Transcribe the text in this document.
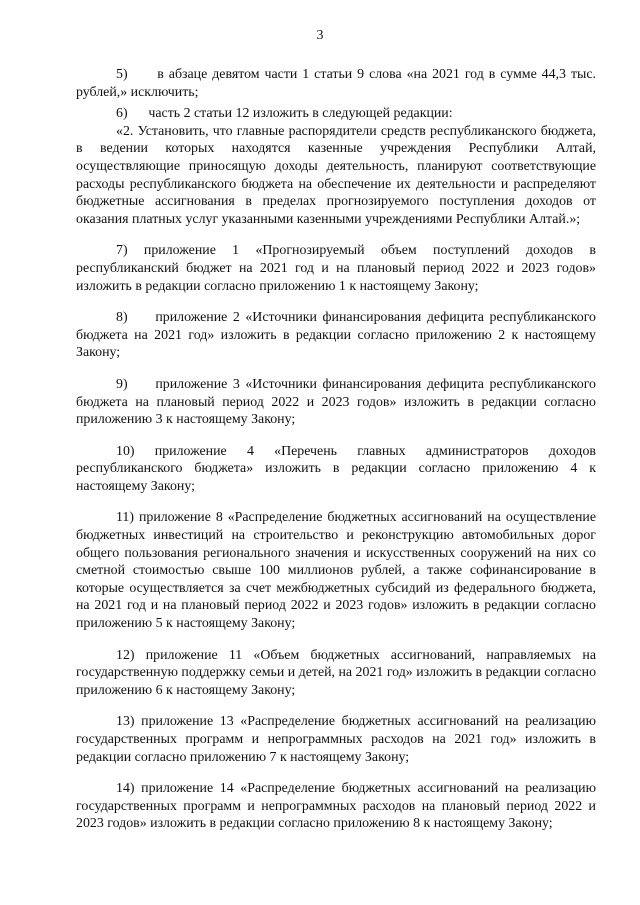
3

5)      в абзаце девятом части 1 статьи 9 слова «на 2021 год в сумме 44,3 тыс. рублей,» исключить;

6)      часть 2 статьи 12 изложить в следующей редакции:

«2. Установить, что главные распорядители средств республиканского бюджета, в ведении которых находятся казенные учреждения Республики Алтай, осуществляющие приносящую доходы деятельность, планируют соответствующие расходы республиканского бюджета на обеспечение их деятельности и распределяют бюджетные ассигнования в пределах прогнозируемого поступления доходов от оказания платных услуг указанными казенными учреждениями Республики Алтай.»;

7) приложение 1 «Прогнозируемый объем поступлений доходов в республиканский бюджет на 2021 год и на плановый период 2022 и 2023 годов» изложить в редакции согласно приложению 1 к настоящему Закону;

8)     приложение 2 «Источники финансирования дефицита республиканского бюджета на 2021 год» изложить в редакции согласно приложению 2 к настоящему Закону;

9)     приложение 3 «Источники финансирования дефицита республиканского бюджета на плановый период 2022 и 2023 годов» изложить в редакции согласно приложению 3 к настоящему Закону;

10) приложение 4 «Перечень главных администраторов доходов республиканского бюджета» изложить в редакции согласно приложению 4 к настоящему Закону;

11) приложение 8 «Распределение бюджетных ассигнований на осуществление бюджетных инвестиций на строительство и реконструкцию автомобильных дорог общего пользования регионального значения и искусственных сооружений на них со сметной стоимостью свыше 100 миллионов рублей, а также софинансирование в которые осуществляется за счет межбюджетных субсидий из федерального бюджета, на 2021 год и на плановый период 2022 и 2023 годов» изложить в редакции согласно приложению 5 к настоящему Закону;

12) приложение 11 «Объем бюджетных ассигнований, направляемых на государственную поддержку семьи и детей, на 2021 год» изложить в редакции согласно приложению 6 к настоящему Закону;

13) приложение 13 «Распределение бюджетных ассигнований на реализацию государственных программ и непрограммных расходов на 2021 год» изложить в редакции согласно приложению 7 к настоящему Закону;

14) приложение 14 «Распределение бюджетных ассигнований на реализацию государственных программ и непрограммных расходов на плановый период 2022 и 2023 годов» изложить в редакции согласно приложению 8 к настоящему Закону;
